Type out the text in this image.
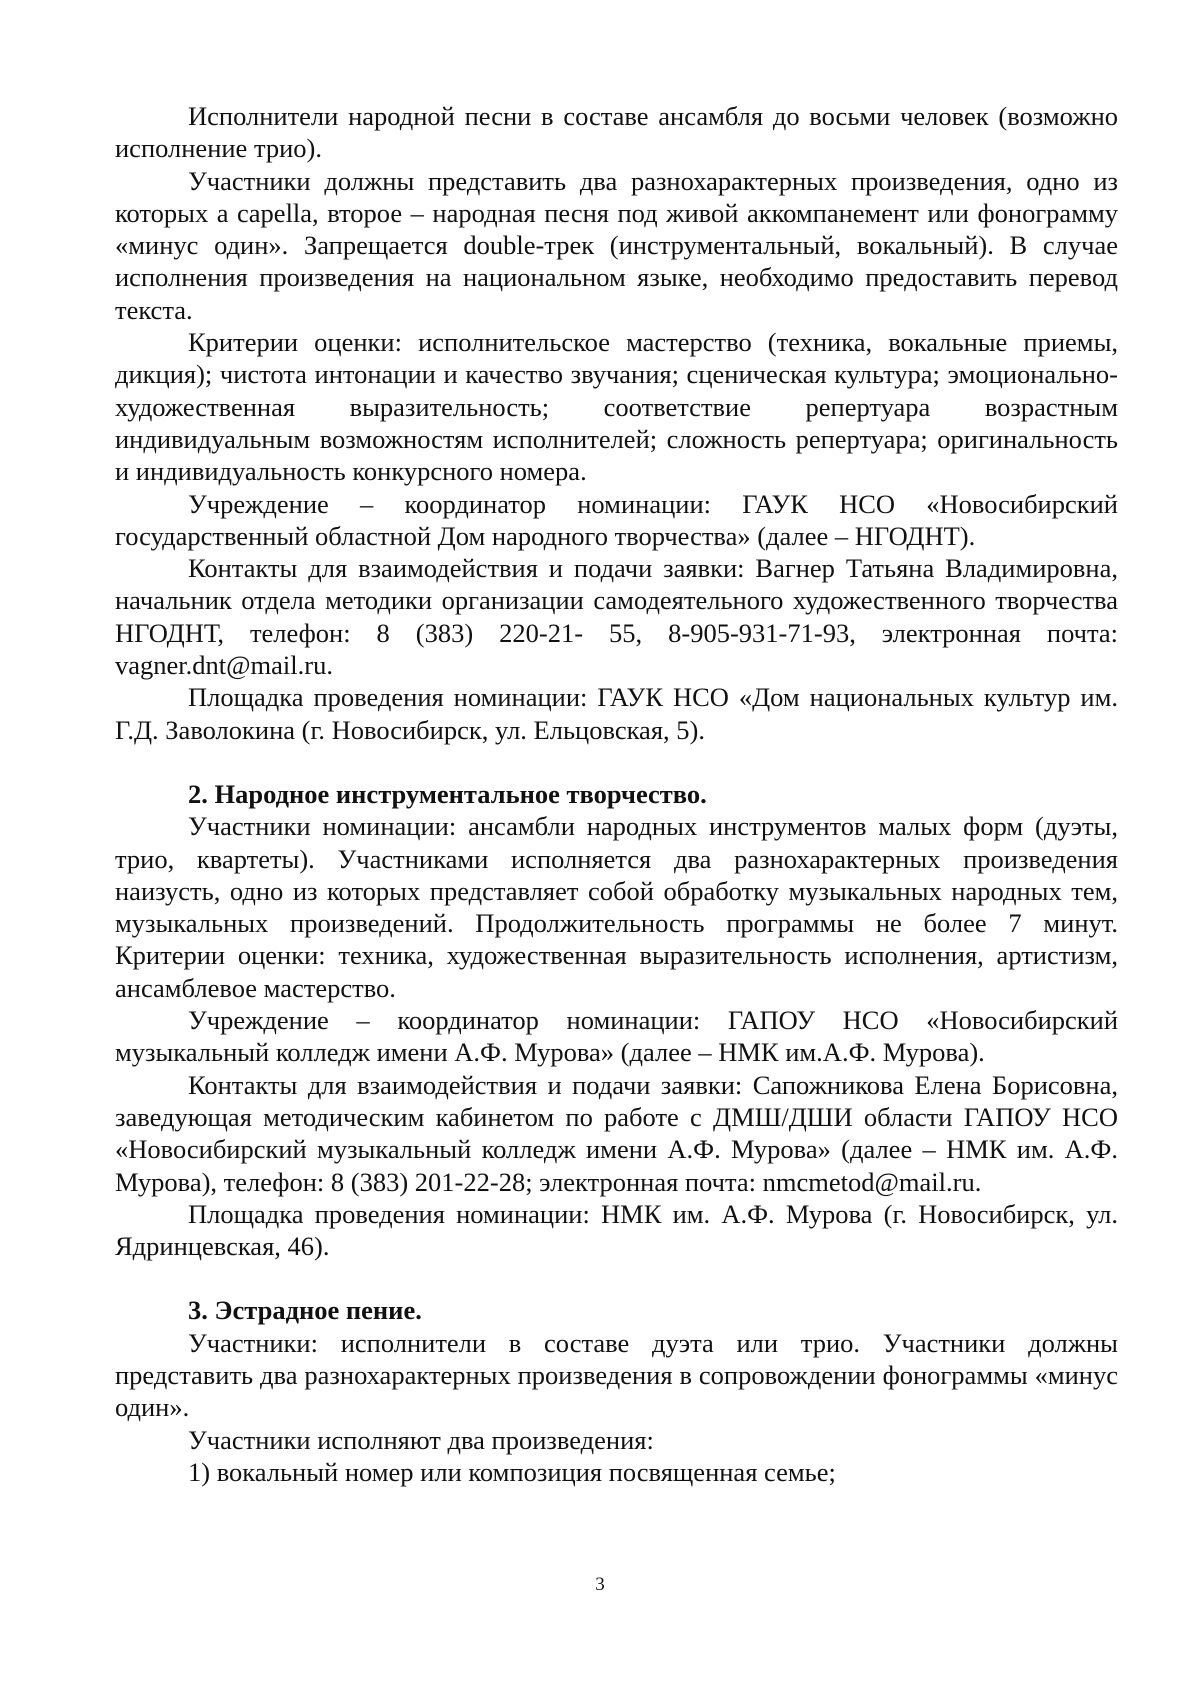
Исполнители народной песни в составе ансамбля до восьми человек (возможно исполнение трио).

Участники должны представить два разнохарактерных произведения, одно из которых a capella, второе – народная песня под живой аккомпанемент или фонограмму «минус один». Запрещается double-трек (инструментальный, вокальный). В случае исполнения произведения на национальном языке, необходимо предоставить перевод текста.

Критерии оценки: исполнительское мастерство (техника, вокальные приемы, дикция); чистота интонации и качество звучания; сценическая культура; эмоционально-художественная выразительность; соответствие репертуара возрастным индивидуальным возможностям исполнителей; сложность репертуара; оригинальность и индивидуальность конкурсного номера.

Учреждение – координатор номинации: ГАУК НСО «Новосибирский государственный областной Дом народного творчества» (далее – НГОДНТ).

Контакты для взаимодействия и подачи заявки: Вагнер Татьяна Владимировна, начальник отдела методики организации самодеятельного художественного творчества НГОДНТ, телефон: 8 (383) 220-21- 55, 8-905-931-71-93, электронная почта: vagner.dnt@mail.ru.

Площадка проведения номинации: ГАУК НСО «Дом национальных культур им. Г.Д. Заволокина (г. Новосибирск, ул. Ельцовская, 5).

2. Народное инструментальное творчество.

Участники номинации: ансамбли народных инструментов малых форм (дуэты, трио, квартеты). Участниками исполняется два разнохарактерных произведения наизусть, одно из которых представляет собой обработку музыкальных народных тем, музыкальных произведений. Продолжительность программы не более 7 минут. Критерии оценки: техника, художественная выразительность исполнения, артистизм, ансамблевое мастерство.

Учреждение – координатор номинации: ГАПОУ НСО «Новосибирский музыкальный колледж имени А.Ф. Мурова» (далее – НМК им.А.Ф. Мурова).

Контакты для взаимодействия и подачи заявки: Сапожникова Елена Борисовна, заведующая методическим кабинетом по работе с ДМШ/ДШИ области ГАПОУ НСО «Новосибирский музыкальный колледж имени А.Ф. Мурова» (далее – НМК им. А.Ф. Мурова), телефон: 8 (383) 201-22-28; электронная почта: nmcmetod@mail.ru.

Площадка проведения номинации: НМК им. А.Ф. Мурова (г. Новосибирск, ул. Ядринцевская, 46).

3. Эстрадное пение.

Участники: исполнители в составе дуэта или трио. Участники должны представить два разнохарактерных произведения в сопровождении фонограммы «минус один».

Участники исполняют два произведения:

1) вокальный номер или композиция посвященная семье;

3
